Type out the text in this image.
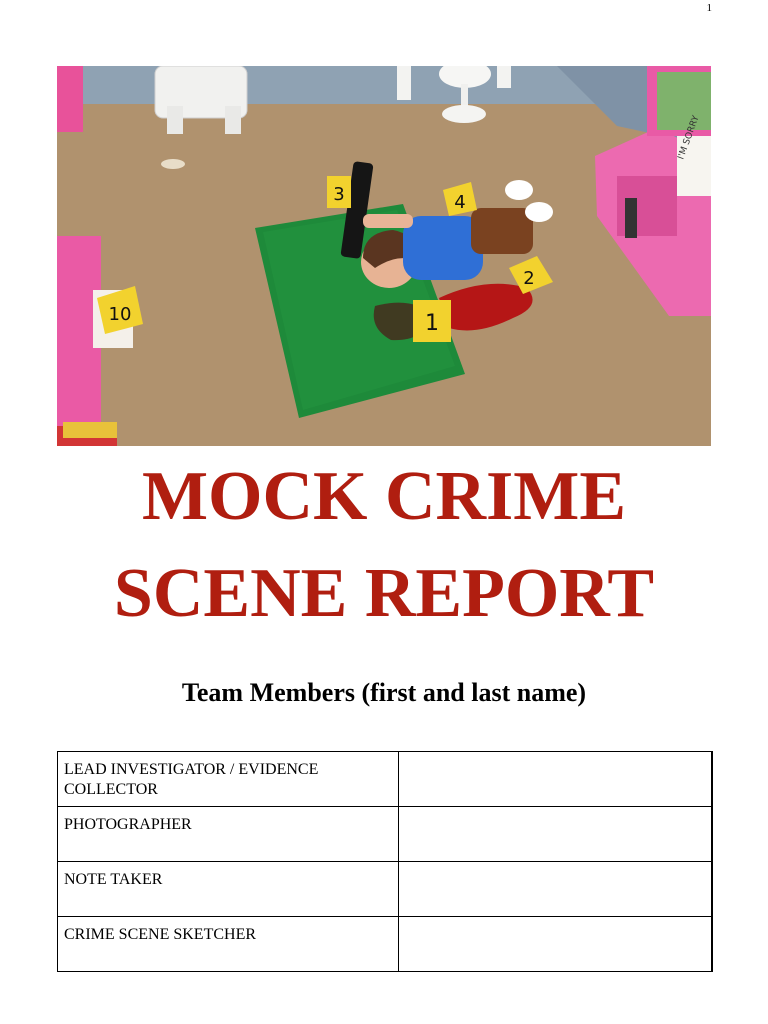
1
3	4
2
1
10
I'M SORRY
MOCK CRIME
SCENE REPORT
Team Members (first and last name)
LEAD INVESTIGATOR / EVIDENCE COLLECTOR	
PHOTOGRAPHER	
NOTE TAKER	
CRIME SCENE SKETCHER	
